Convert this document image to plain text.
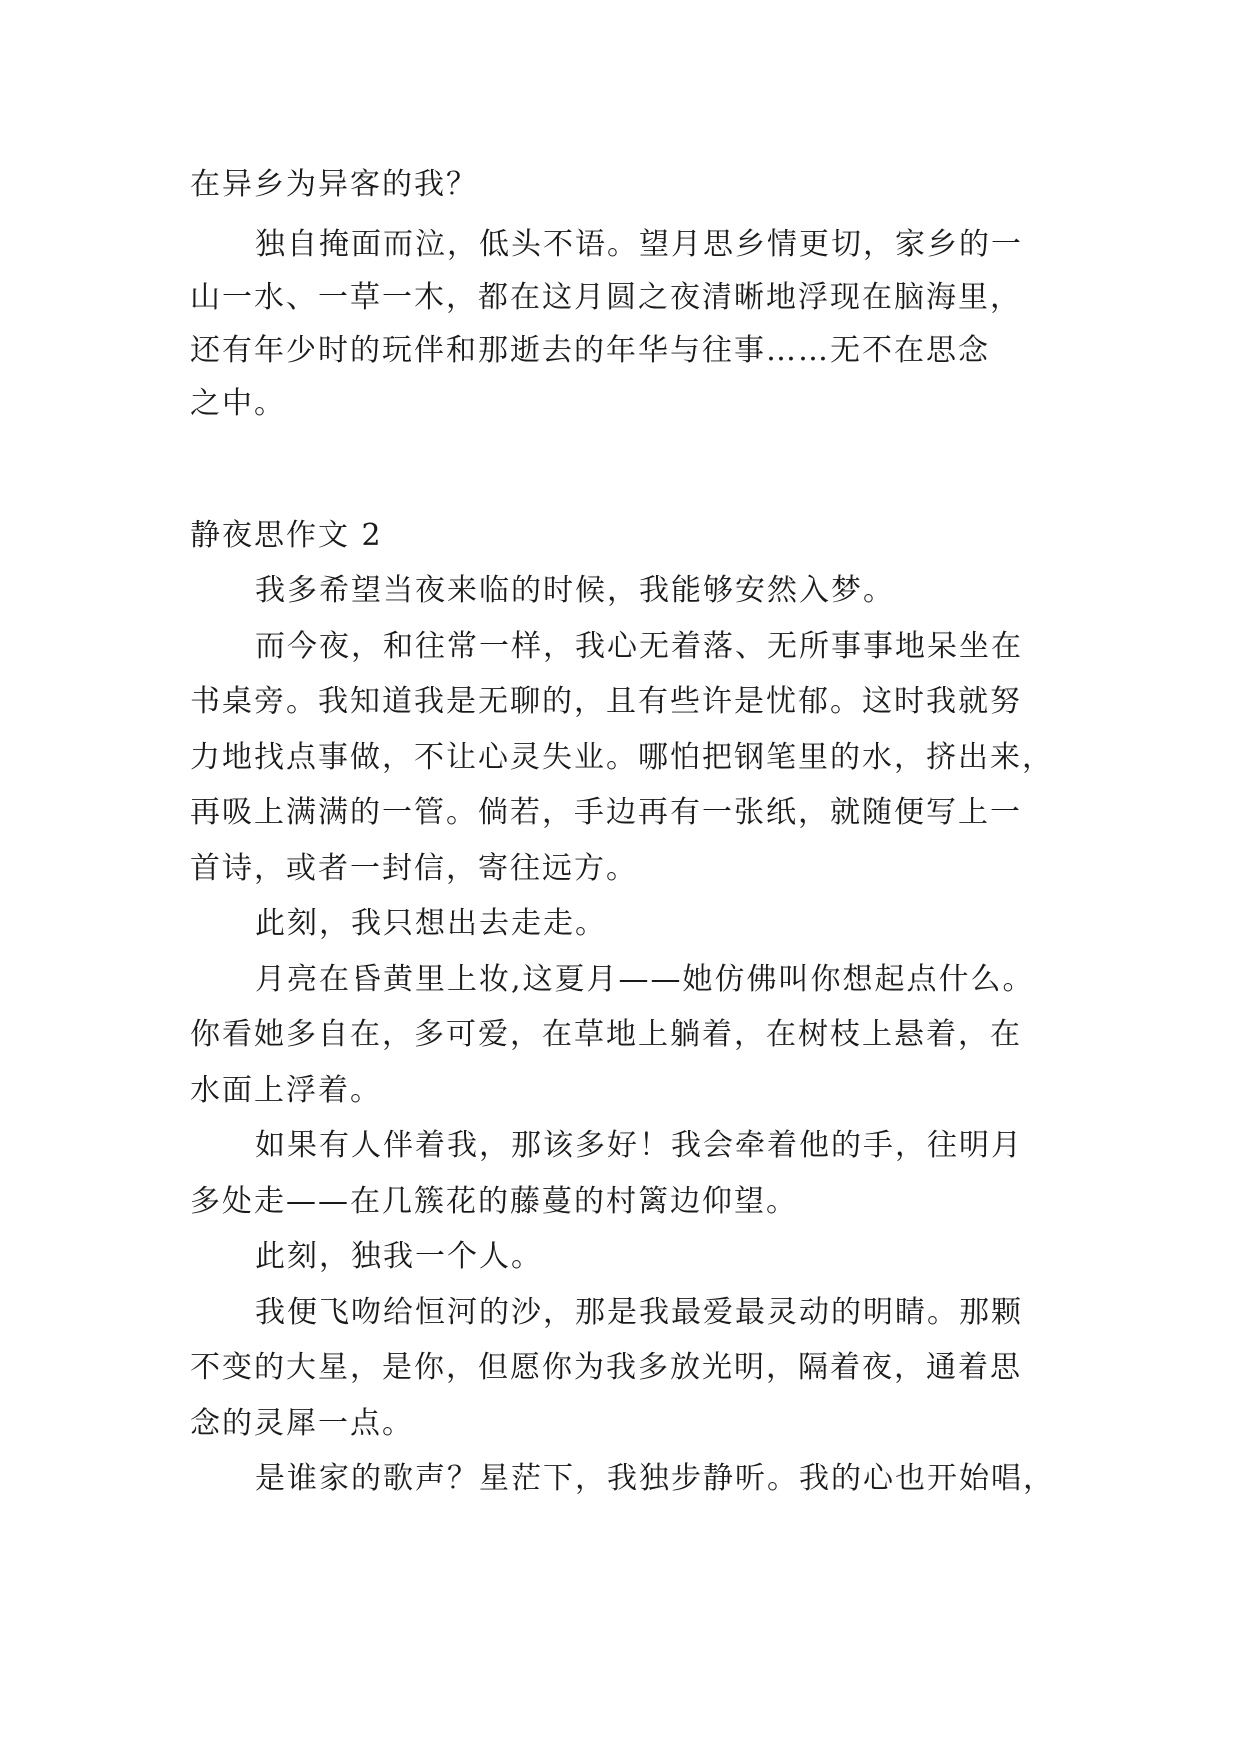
在异乡为异客的我？
独自掩面而泣，低头不语。望月思乡情更切，家乡的一
山一水、一草一木，都在这月圆之夜清晰地浮现在脑海里，
还有年少时的玩伴和那逝去的年华与往事……无不在思念
之中。
静夜思作文 2
我多希望当夜来临的时候，我能够安然入梦。
而今夜，和往常一样，我心无着落、无所事事地呆坐在
书桌旁。我知道我是无聊的，且有些许是忧郁。这时我就努
力地找点事做，不让心灵失业。哪怕把钢笔里的水，挤出来，
再吸上满满的一管。倘若，手边再有一张纸，就随便写上一
首诗，或者一封信，寄往远方。
此刻，我只想出去走走。
月亮在昏黄里上妆,这夏月——她仿佛叫你想起点什么。
你看她多自在，多可爱，在草地上躺着，在树枝上悬着，在
水面上浮着。
如果有人伴着我，那该多好！我会牵着他的手，往明月
多处走——在几簇花的藤蔓的村篱边仰望。
此刻，独我一个人。
我便飞吻给恒河的沙，那是我最爱最灵动的明睛。那颗
不变的大星，是你，但愿你为我多放光明，隔着夜，通着思
念的灵犀一点。
是谁家的歌声？星茫下，我独步静听。我的心也开始唱，
